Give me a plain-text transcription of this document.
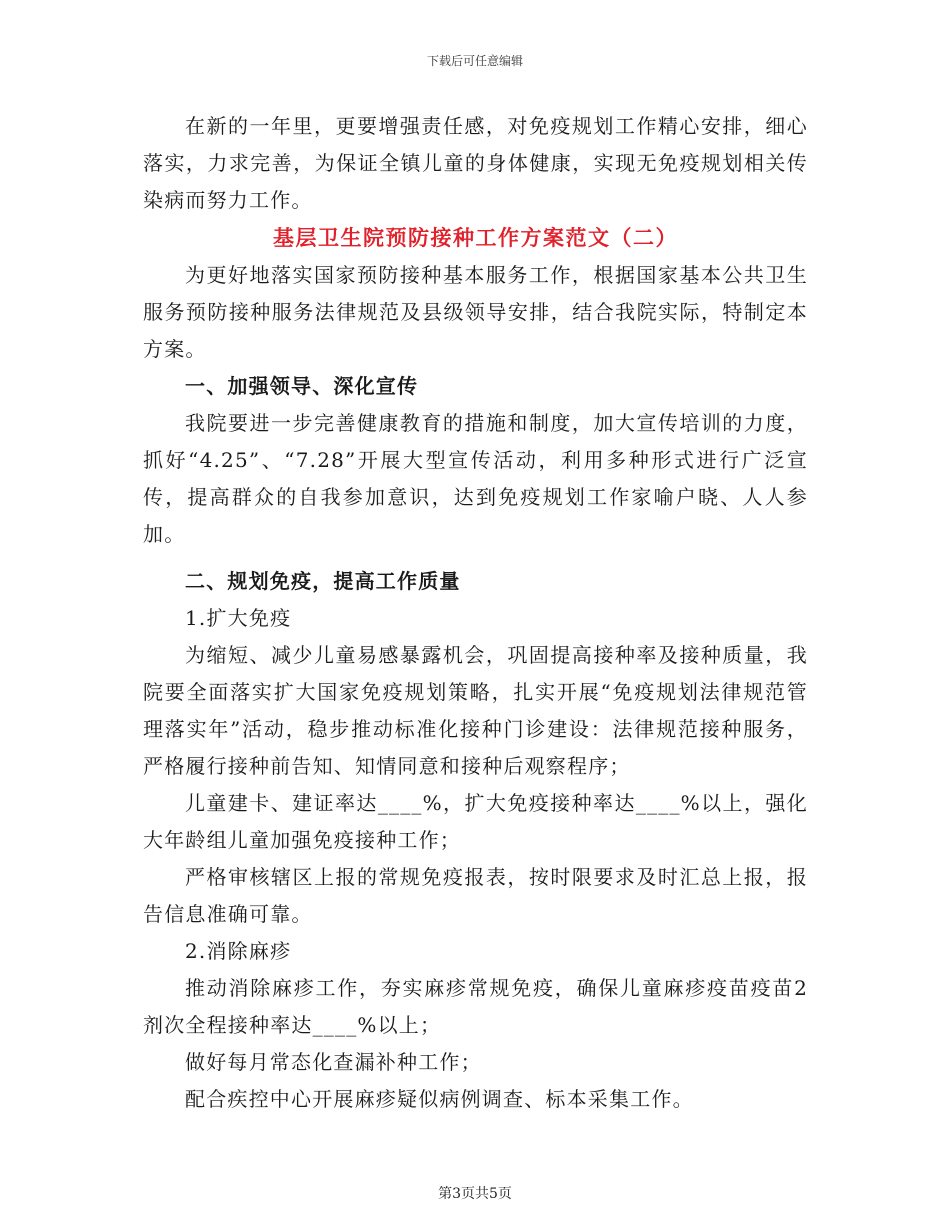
下载后可任意编辑

在新的一年里，更要增强责任感，对免疫规划工作精心安排，细心落实，力求完善，为保证全镇儿童的身体健康，实现无免疫规划相关传染病而努力工作。

基层卫生院预防接种工作方案范文（二）

为更好地落实国家预防接种基本服务工作，根据国家基本公共卫生服务预防接种服务法律规范及县级领导安排，结合我院实际，特制定本方案。

一、加强领导、深化宣传

我院要进一步完善健康教育的措施和制度，加大宣传培训的力度，抓好“4.25”、“7.28”开展大型宣传活动，利用多种形式进行广泛宣传，提高群众的自我参加意识，达到免疫规划工作家喻户晓、人人参加。

二、规划免疫，提高工作质量

1.扩大免疫

为缩短、减少儿童易感暴露机会，巩固提高接种率及接种质量，我院要全面落实扩大国家免疫规划策略，扎实开展“免疫规划法律规范管理落实年”活动，稳步推动标准化接种门诊建设：法律规范接种服务，严格履行接种前告知、知情同意和接种后观察程序；

儿童建卡、建证率达____%，扩大免疫接种率达____%以上，强化大年龄组儿童加强免疫接种工作；

严格审核辖区上报的常规免疫报表，按时限要求及时汇总上报，报告信息准确可靠。

2.消除麻疹

推动消除麻疹工作，夯实麻疹常规免疫，确保儿童麻疹疫苗疫苗2剂次全程接种率达____%以上；

做好每月常态化查漏补种工作；

配合疾控中心开展麻疹疑似病例调查、标本采集工作。

第3页共5页
